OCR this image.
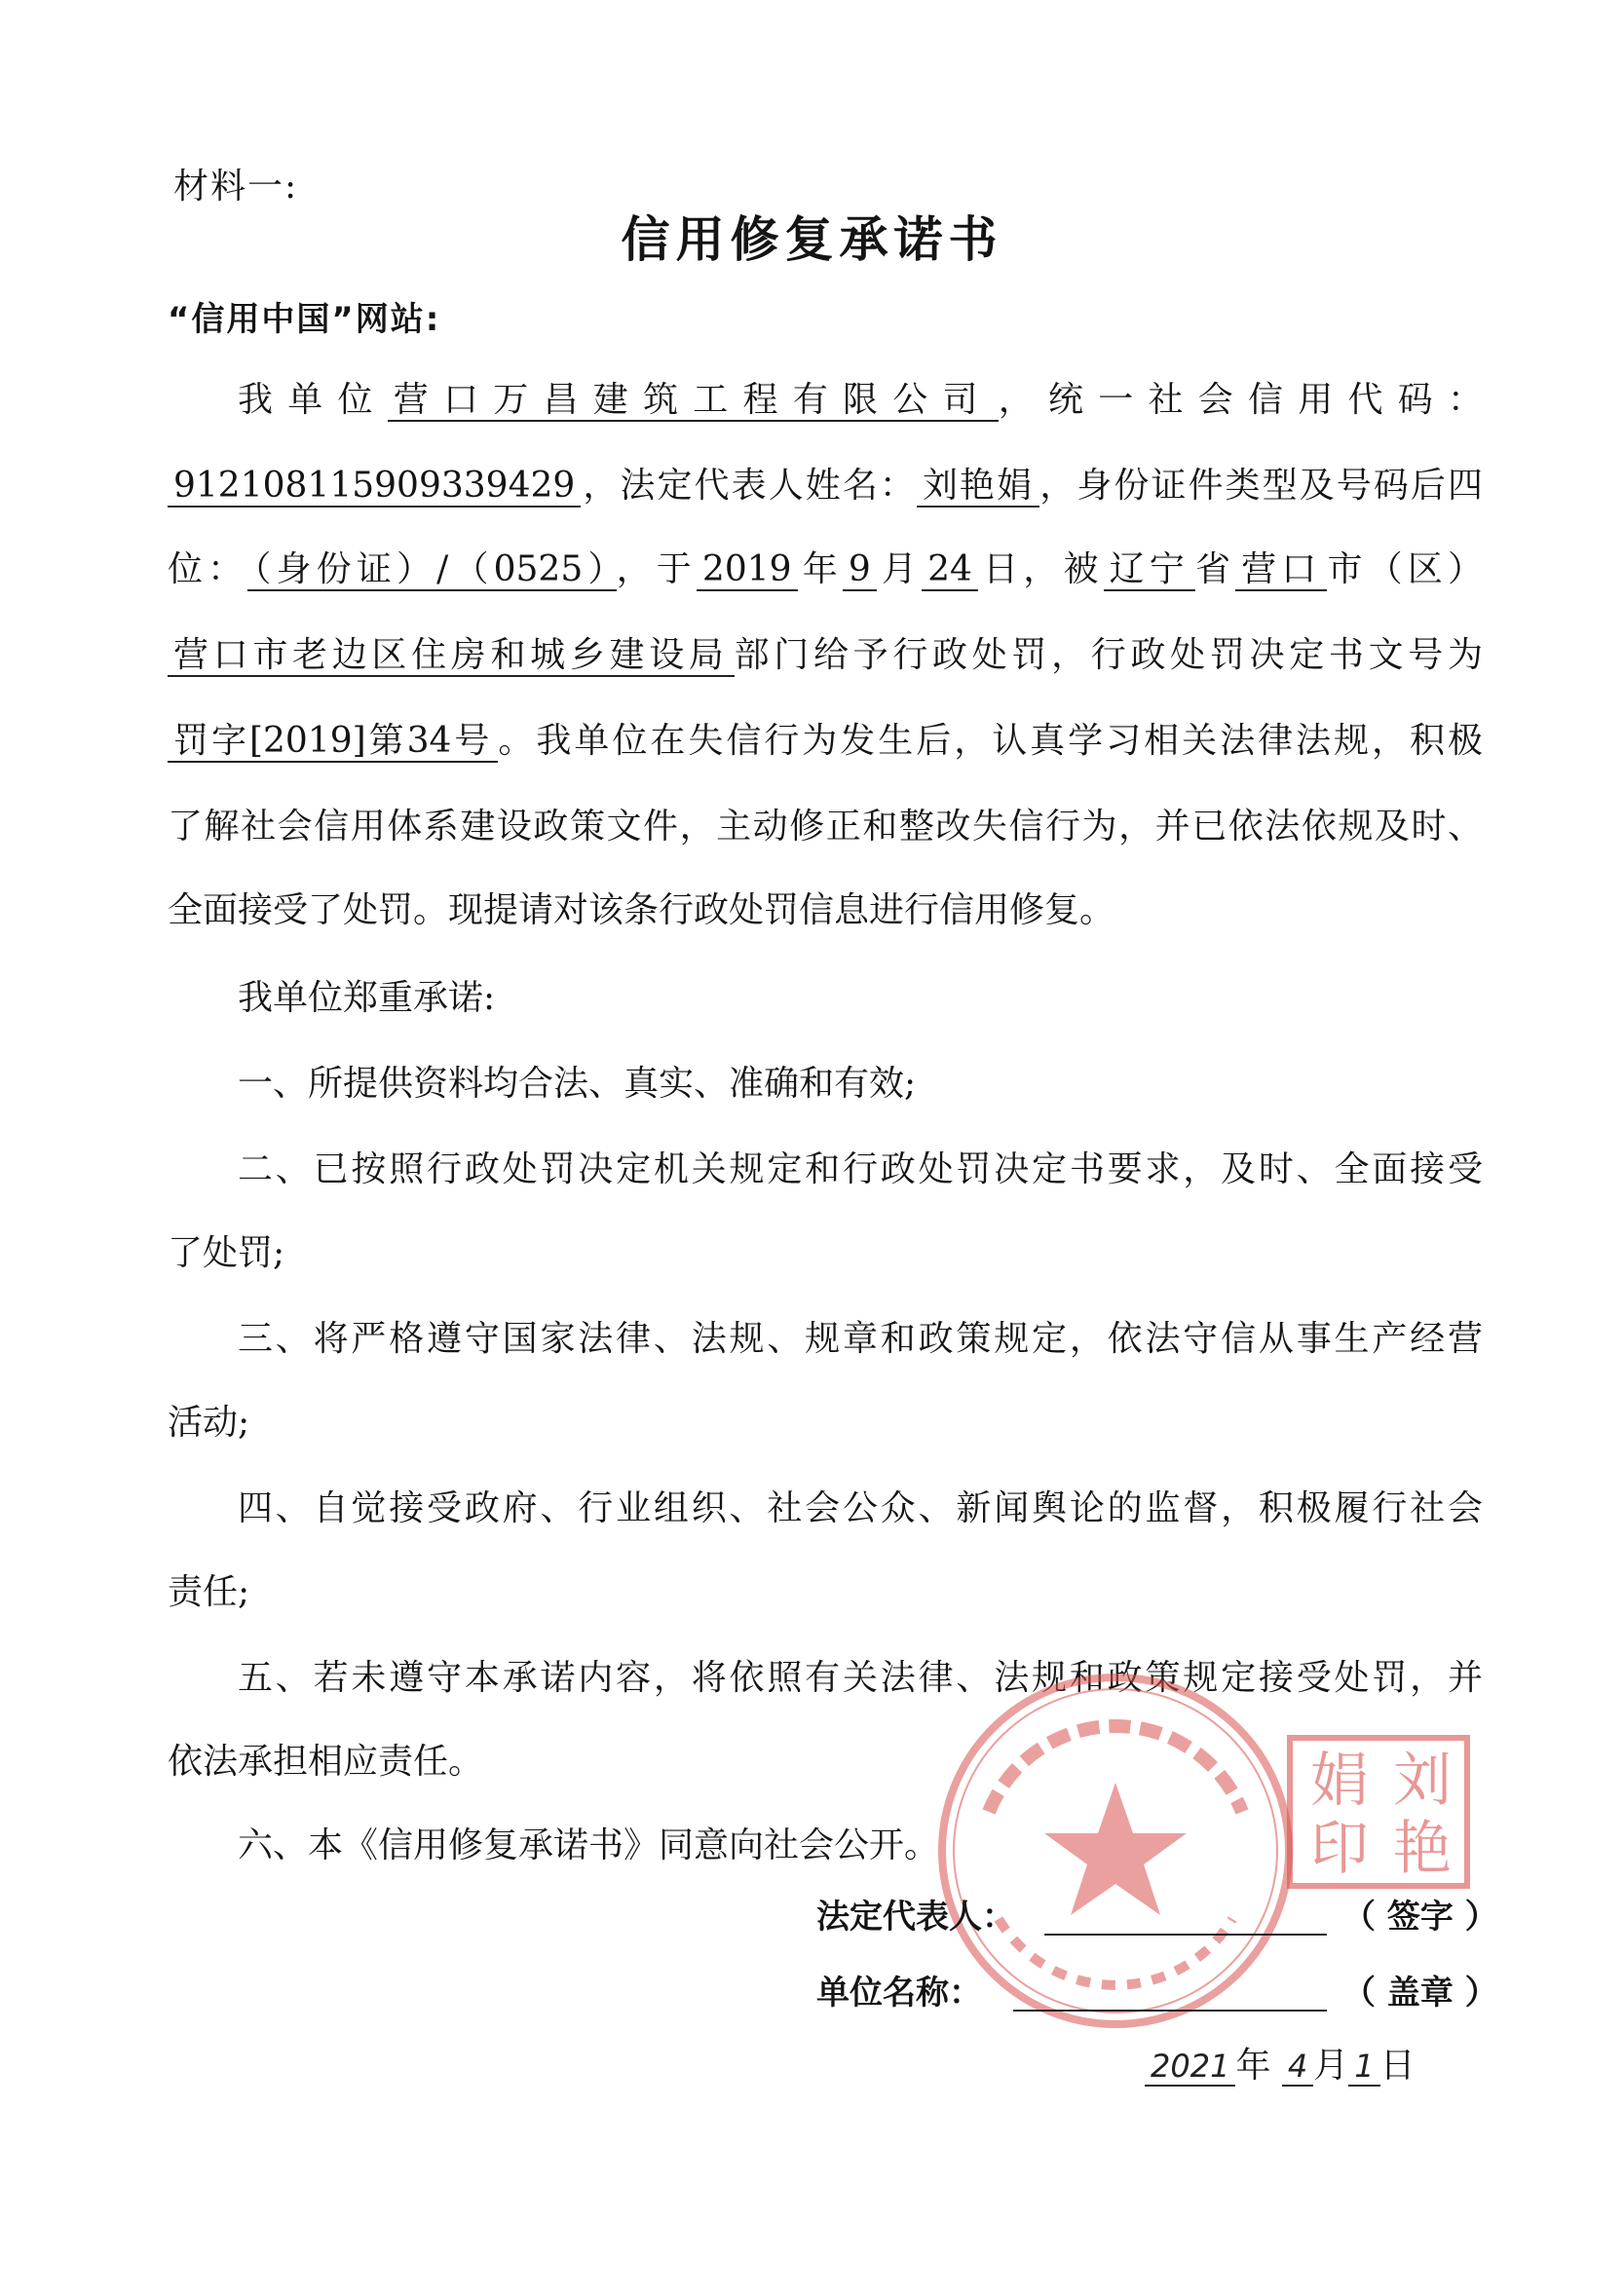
材料一:
信用修复承诺书
“信用中国”网站:
我单位 营口万昌建筑工程有限公司 ，统一社会信用代码：
912108115909339429 ，法定代表人姓名： 刘艳娟 ，身份证件类型及号码后四
位： （身份证）/（0525） ，于 2019 年 9 月 24 日，被 辽宁 省 营口 市（区）
营口市老边区住房和城乡建设局 部门给予行政处罚，行政处罚决定书文号为
罚字[2019]第34号 。我单位在失信行为发生后，认真学习相关法律法规，积极
了解社会信用体系建设政策文件，主动修正和整改失信行为，并已依法依规及时、
全面接受了处罚。现提请对该条行政处罚信息进行信用修复。
我单位郑重承诺:
一、所提供资料均合法、真实、准确和有效;
二、已按照行政处罚决定机关规定和行政处罚决定书要求，及时、全面接受
了处罚;
三、将严格遵守国家法律、法规、规章和政策规定，依法守信从事生产经营
活动;
四、自觉接受政府、行业组织、社会公众、新闻舆论的监督，积极履行社会
责任;
五、若未遵守本承诺内容，将依照有关法律、法规和政策规定接受处罚，并
依法承担相应责任。
六、本《信用修复承诺书》同意向社会公开。
刘
艳
娟
印
法定代表人：	（ 签字 ）
单位名称：	（ 盖章 ）
2021 年 4 月 1 日
